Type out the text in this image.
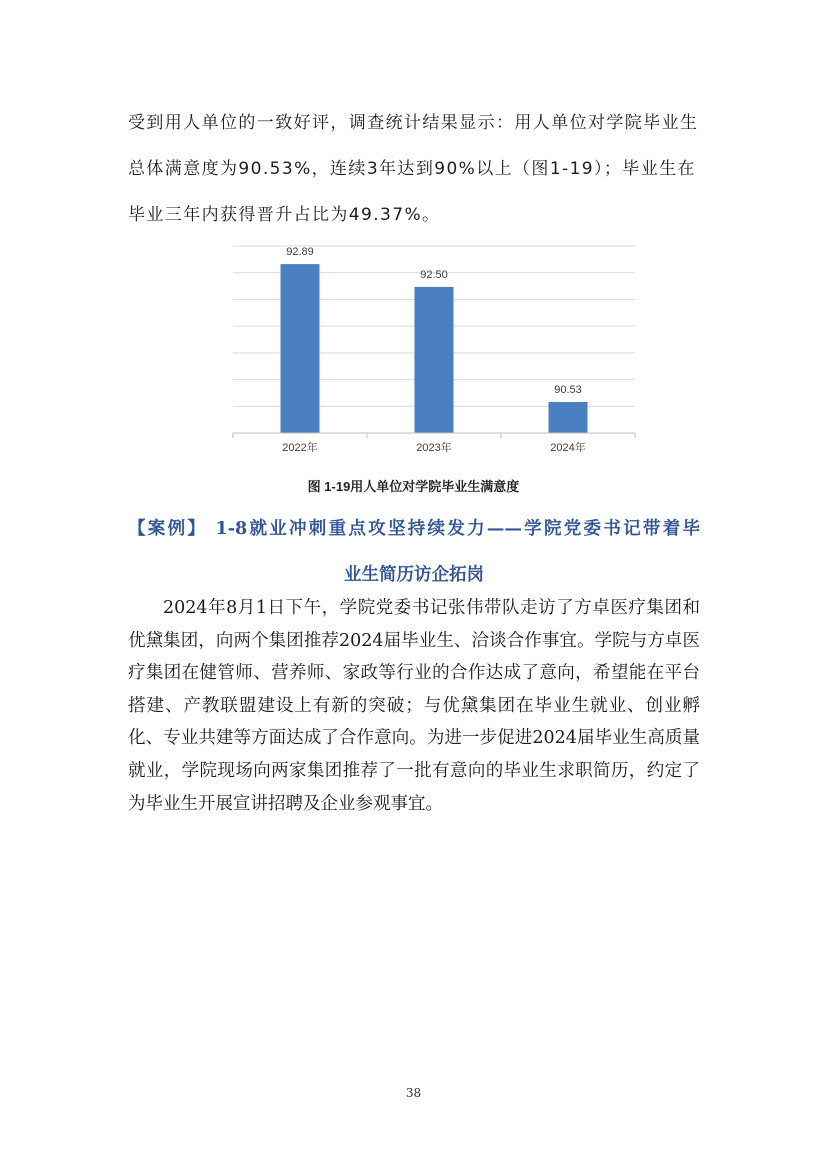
受到用人单位的一致好评，调查统计结果显示：用人单位对学院毕业生总体满意度为90.53%，连续3年达到90%以上（图1-19）；毕业生在毕业三年内获得晋升占比为49.37%。

92.89
92.50
90.53
2022年	2023年	2024年
图 1-19用人单位对学院毕业生满意度
【案例】 1-8就业冲刺重点攻坚持续发力——学院党委书记带着毕
业生简历访企拓岗
2024年8月1日下午，学院党委书记张伟带队走访了方卓医疗集团和优黛集团，向两个集团推荐2024届毕业生、洽谈合作事宜。学院与方卓医疗集团在健管师、营养师、家政等行业的合作达成了意向，希望能在平台搭建、产教联盟建设上有新的突破；与优黛集团在毕业生就业、创业孵化、专业共建等方面达成了合作意向。为进一步促进2024届毕业生高质量就业，学院现场向两家集团推荐了一批有意向的毕业生求职简历，约定了为毕业生开展宣讲招聘及企业参观事宜。
38
